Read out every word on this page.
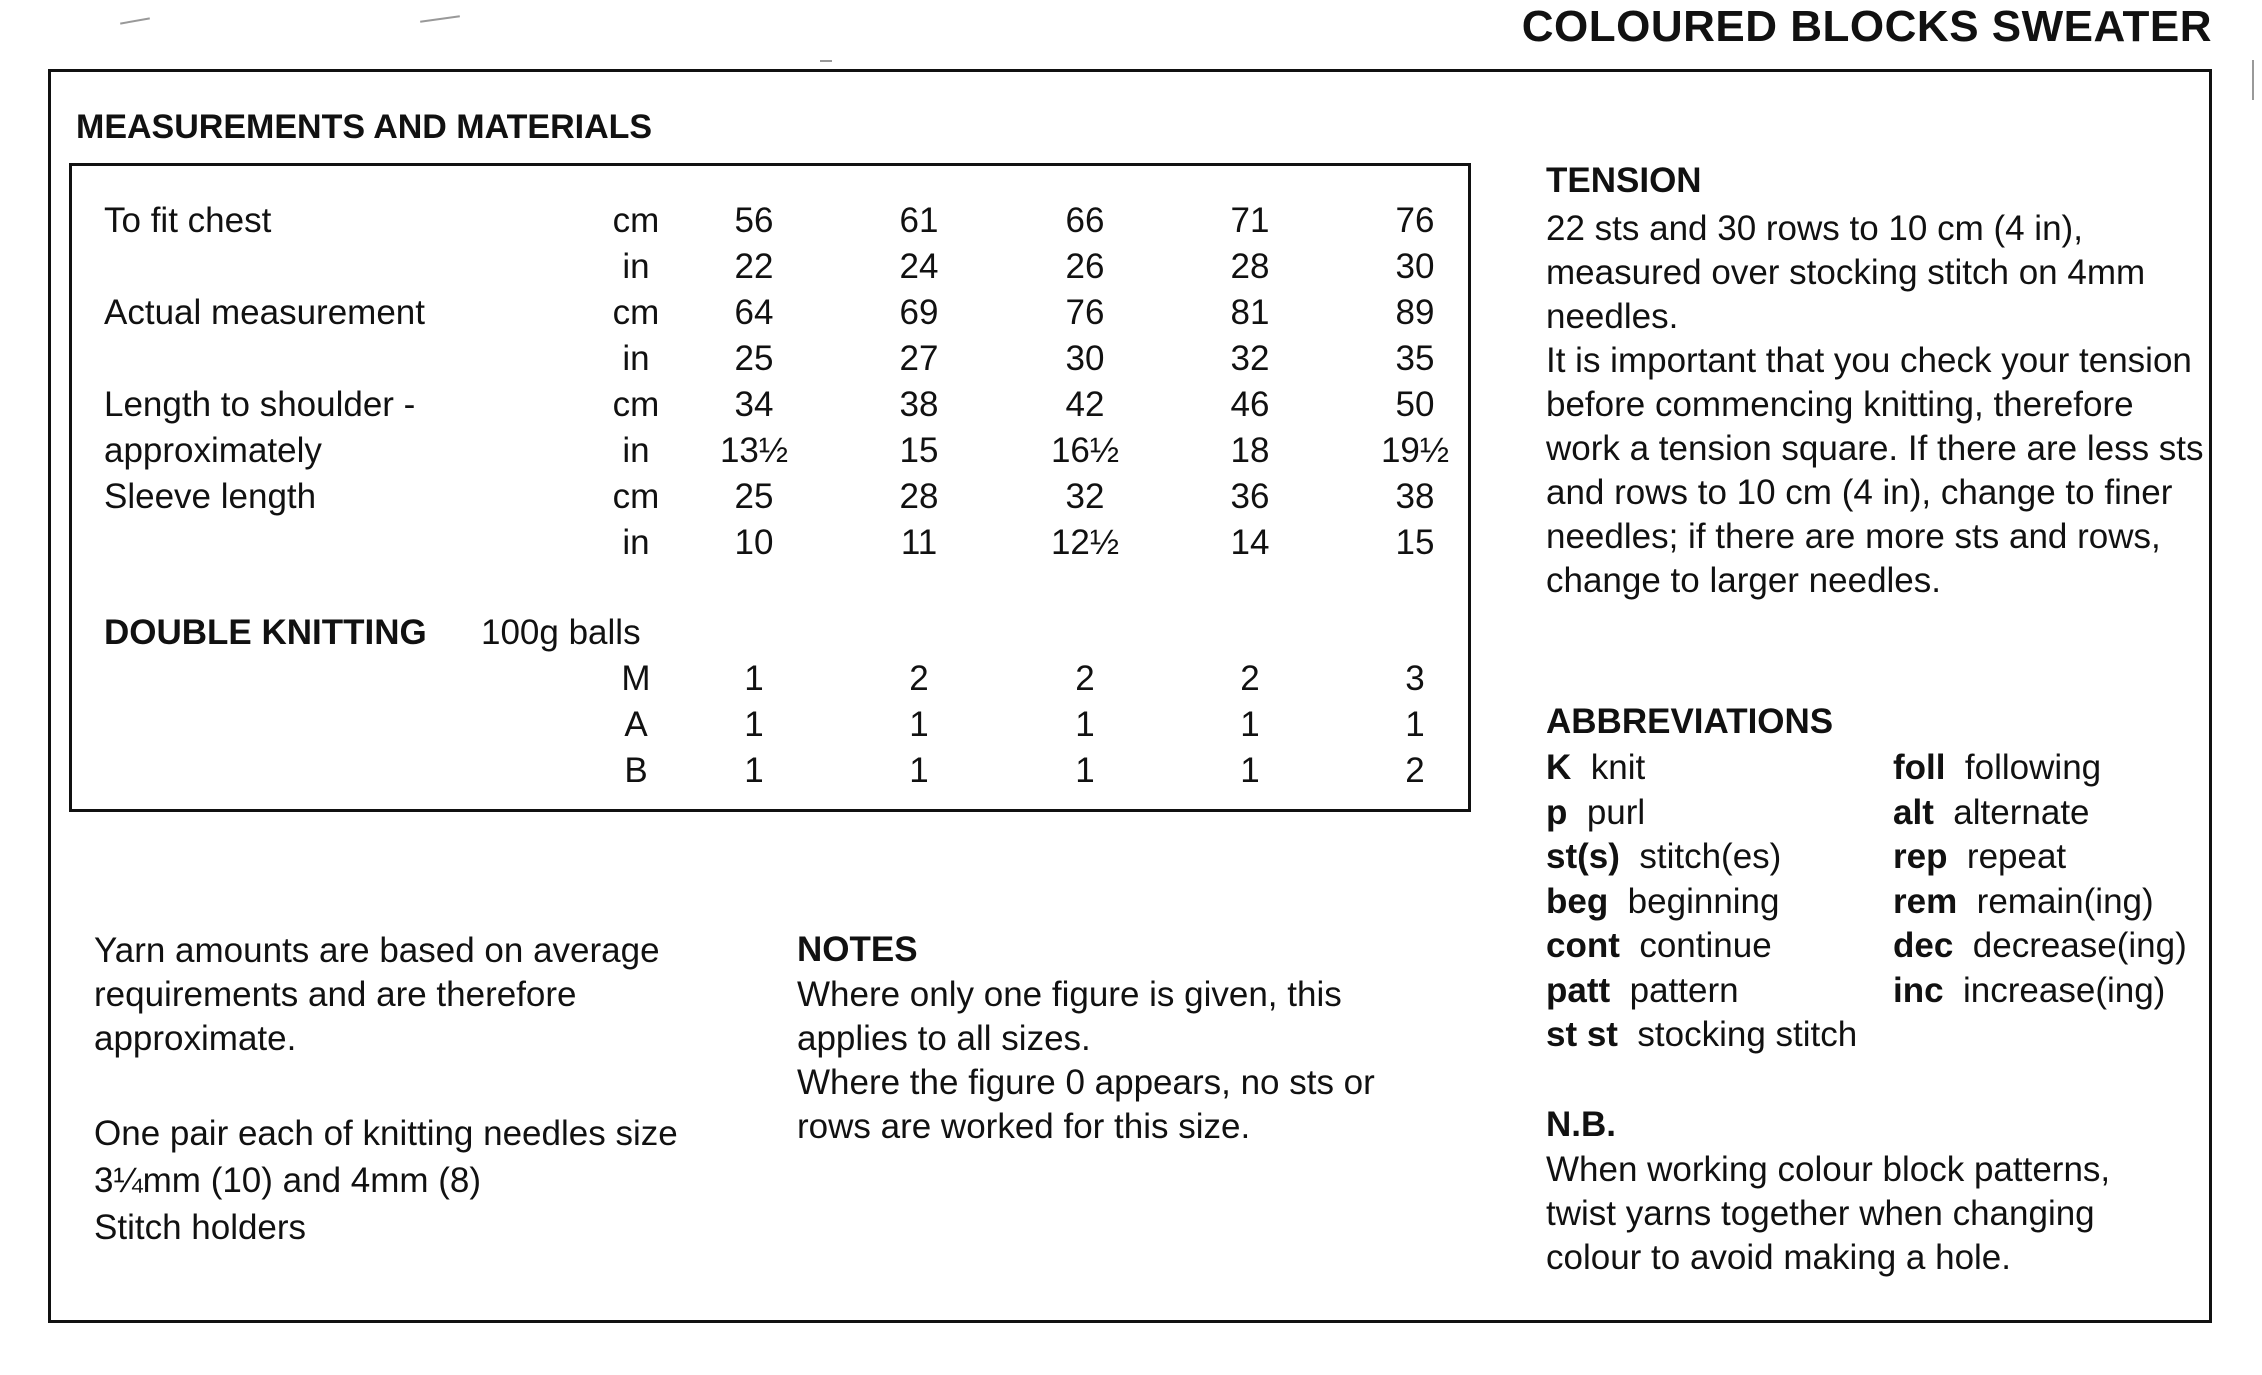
COLOURED BLOCKS SWEATER
MEASUREMENTS AND MATERIALS
To fit chest	cm	56	61	66	71	76
in	22	24	26	28	30
Actual measurement	cm	64	69	76	81	89
in	25	27	30	32	35
Length to shoulder -	cm	34	38	42	46	50
approximately	in	13½	15	16½	18	19½
Sleeve length	cm	25	28	32	36	38
in	10	11	12½	14	15
DOUBLE KNITTING 100g balls
M	1	2	2	2	3
A	1	1	1	1	1
B	1	1	1	1	2
Yarn amounts are based on average requirements and are therefore approximate.
One pair each of knitting needles size
3¼mm (10) and 4mm (8)
Stitch holders
NOTES
Where only one figure is given, this applies to all sizes.
Where the figure 0 appears, no sts or rows are worked for this size.
TENSION
22 sts and 30 rows to 10 cm (4 in), measured over stocking stitch on 4mm needles.
It is important that you check your tension before commencing knitting, therefore work a tension square. If there are less sts and rows to 10 cm (4 in), change to finer needles; if there are more sts and rows, change to larger needles.
ABBREVIATIONS
K  knit
p  purl
st(s)  stitch(es)
beg  beginning
cont  continue
patt  pattern
st st  stocking stitch
foll  following
alt  alternate
rep  repeat
rem  remain(ing)
dec  decrease(ing)
inc  increase(ing)
N.B.
When working colour block patterns, twist yarns together when changing colour to avoid making a hole.
